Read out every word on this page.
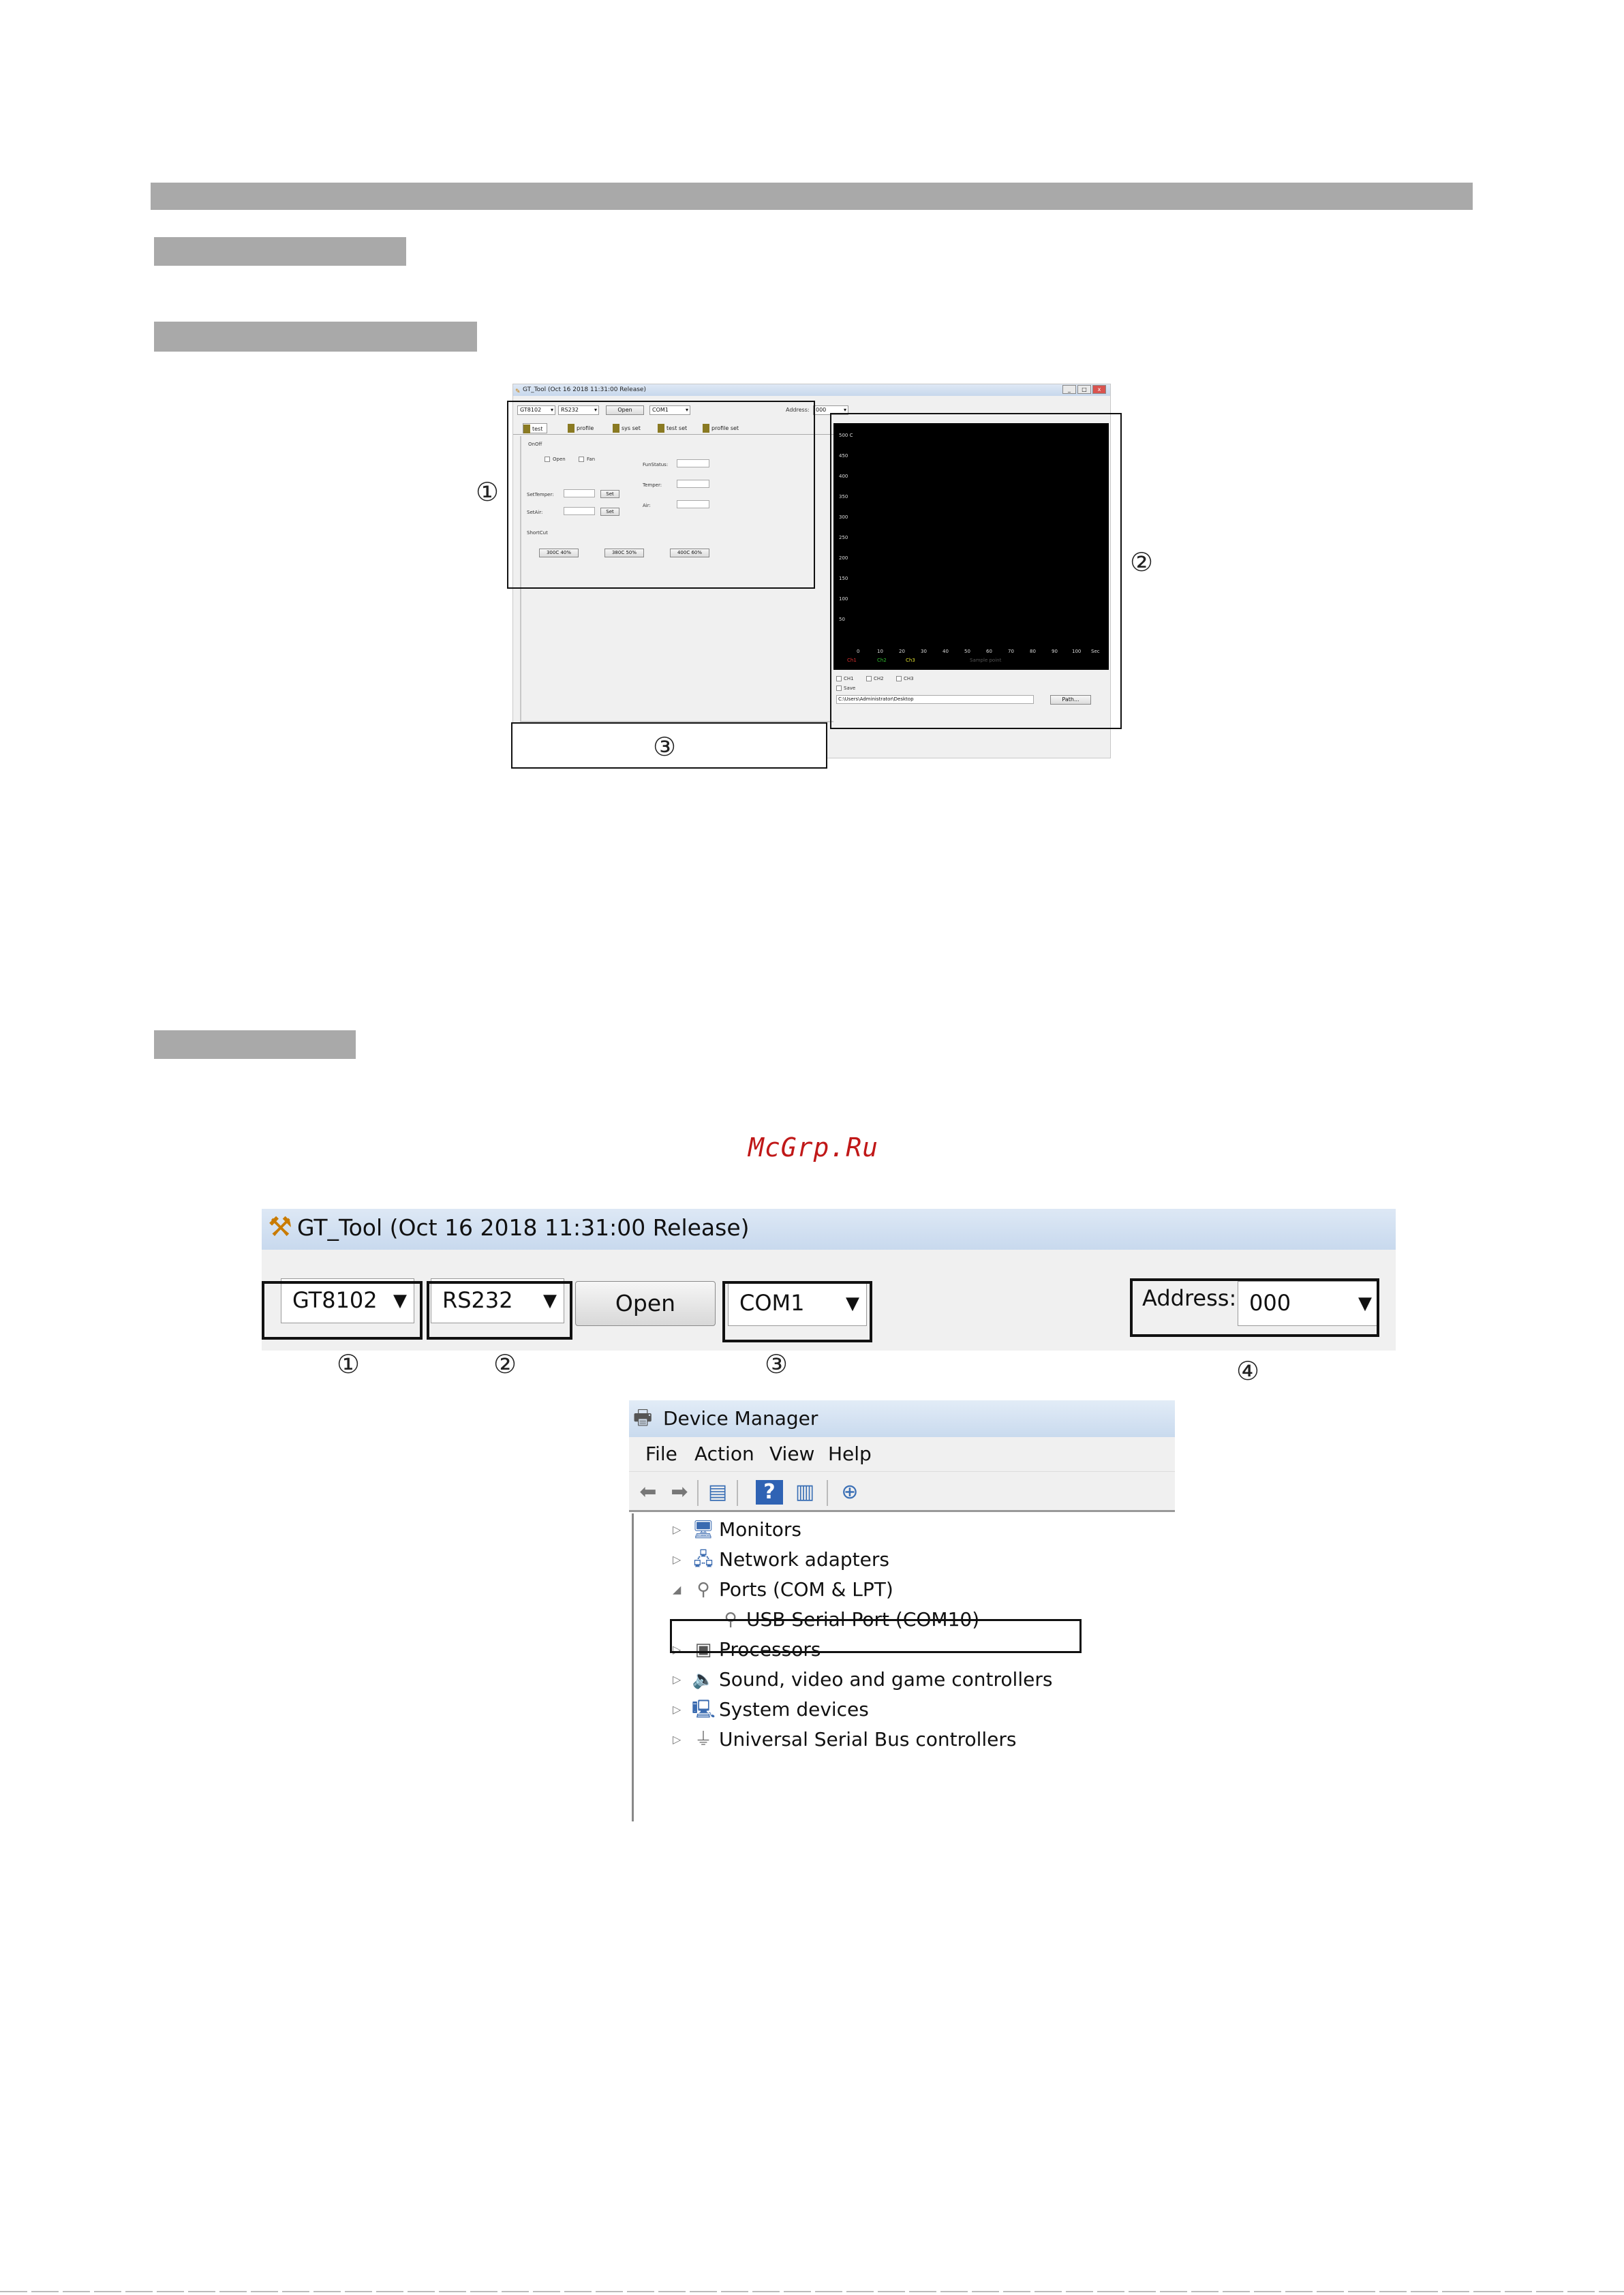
✎ GT_Tool (Oct 16 2018 11:31:00 Release)	_	□	x
GT8102 ▾	RS232 ▾	Open	COM1 ▾	Address:	000 ▾
test	profile	sys set	test set	profile set
OnOff
Open	Fan
FunStatus:
Temper:
Air:
SetTemper:	Set
SetAir:	Set
ShortCut
300C 40%	380C 50%	400C 60%
500 C
450
400
350
300
250
200
150
100
50
0	10	20	30	40	50	60	70	80	90	100 Sec
Ch1	Ch2	Ch3	Sample point
CH1	CH2	CH3
Save
C:\Users\Administrator\Desktop	Path...
①
②
③
McGrp.Ru
⚒ GT_Tool (Oct 16 2018 11:31:00 Release)
GT8102 ▼	RS232 ▼	Open	COM1 ▼	Address: 000	▼
①	②	③	④
🖶 Device Manager
File Action View Help
⬅ ➡ ▤	? ▥ ⊕
▷ 🖥 Monitors
▷ 🖧 Network adapters
◢ ⚲ Ports (COM & LPT)
⚲ USB Serial Port (COM10)
▷ ▣ Processors
▷ 🔈 Sound, video and game controllers
▷ 🖳 System devices
▷ ⏚ Universal Serial Bus controllers
